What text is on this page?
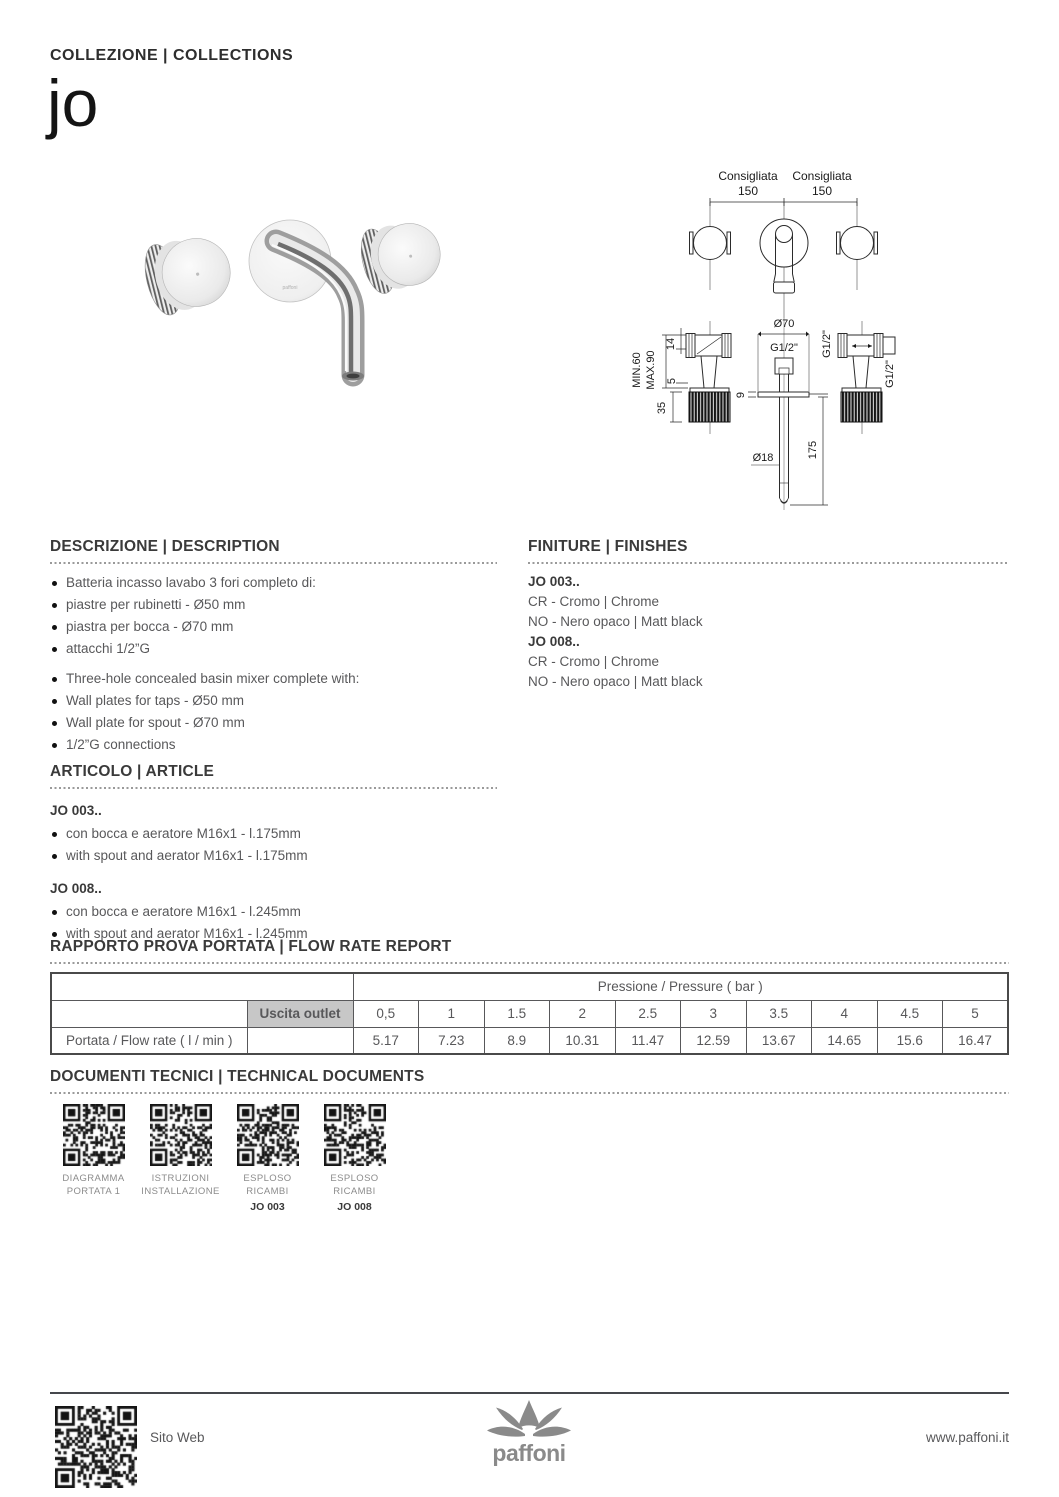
COLLEZIONE | COLLECTIONS
jo
paffoni
Consigliata
150
Consigliata
150
14
MIN.60 MAX.90 5
35
Ø70
G1/2"
9
Ø18	175
G1/2"
G1/2"
DESCRIZIONE | DESCRIPTION
Batteria incasso lavabo 3 fori completo di:
piastre per rubinetti - Ø50 mm
piastra per bocca - Ø70 mm
attacchi 1/2”G
Three-hole concealed basin mixer complete with:
Wall plates for taps - Ø50 mm
Wall plate for spout - Ø70 mm
1/2”G connections
FINITURE | FINISHES
JO 003..
CR - Cromo | Chrome
NO - Nero opaco | Matt black
JO 008..
CR - Cromo | Chrome
NO - Nero opaco | Matt black
ARTICOLO | ARTICLE
JO 003..
con bocca e aeratore M16x1 - l.175mm
with spout and aerator M16x1 - l.175mm
JO 008..
con bocca e aeratore M16x1 - l.245mm
with spout and aerator M16x1 - l.245mm
RAPPORTO PROVA PORTATA | FLOW RATE REPORT
		Pressione / Pressure ( bar )									
	Uscita outlet	0,5	1	1.5	2	2.5	3	3.5	4	4.5	5
Portata / Flow rate ( l / min )		5.17	7.23	8.9	10.31	11.47	12.59	13.67	14.65	15.6	16.47
DOCUMENTI TECNICI | TECHNICAL DOCUMENTS
DIAGRAMMA
PORTATA 1
ISTRUZIONI
INSTALLAZIONE
ESPLOSO
RICAMBI
JO 003
ESPLOSO
RICAMBI
JO 008
Sito Web
paffoni
www.paffoni.it
